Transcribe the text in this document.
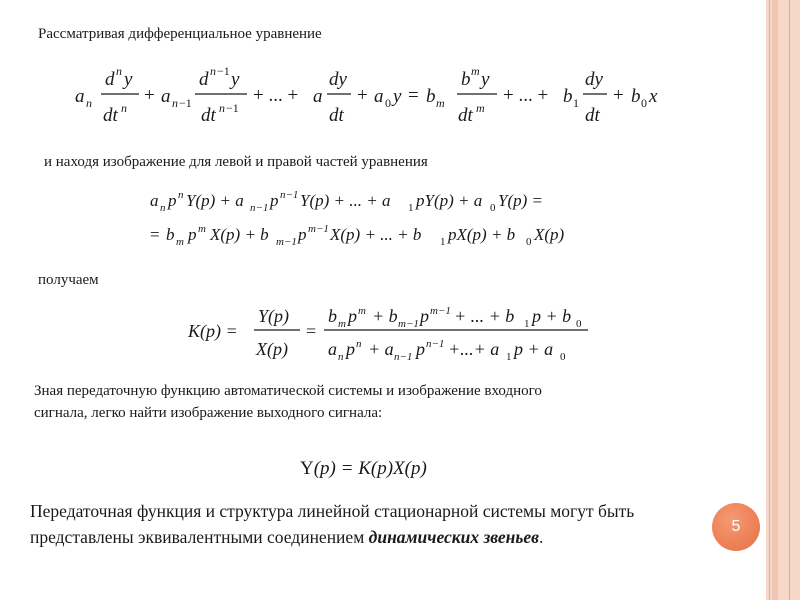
Рассматривая дифференциальное уравнение
a n
d n y
dt n
+ a n −1
d n −1 y
dt n −1
+ ... + a
dy
dt
+ a 0 y = b m
b m y
dt m
+ ... + b 1
dy
dt
+ b 0 x
и находя изображение для левой и правой частей уравнения
a n p n Y(p) + a n−1 p n−1 Y(p) + ... + a 1 pY(p) + a 0 Y(p) =
= b m p m X(p) + b m−1 p m−1 X(p) + ... + b 1 pX(p) + b 0 X(p)
получаем
K(p) =
Y(p)
X(p)
=
b m p m + b m−1 p m−1 + ... + b 1 p + b 0
a n p n + a n−1 p n−1 +...+ a 1 p + a 0
Зная передаточную функцию автоматической системы и изображение входного
сигнала, легко найти изображение выходного сигнала:
Y(p) = K(p)X(p)
Передаточная функция и структура линейной стационарной системы могут быть представлены эквивалентными соединением динамических звеньев.
5
